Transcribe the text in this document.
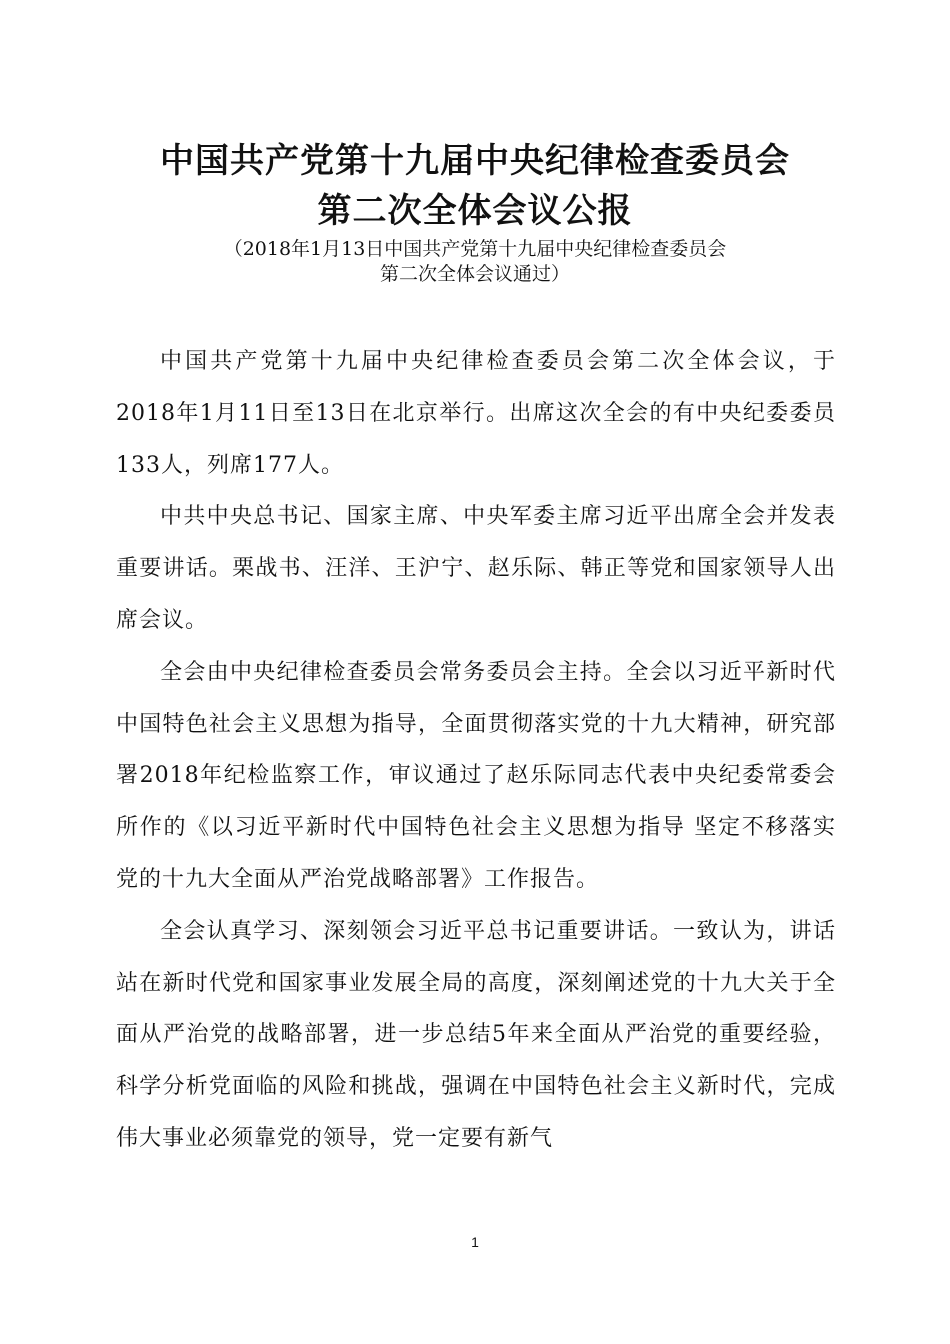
中国共产党第十九届中央纪律检查委员会
第二次全体会议公报
（2018年1月13日中国共产党第十九届中央纪律检查委员会
第二次全体会议通过）

中国共产党第十九届中央纪律检查委员会第二次全体会议，于2018年1月11日至13日在北京举行。出席这次全会的有中央纪委委员133人，列席177人。

中共中央总书记、国家主席、中央军委主席习近平出席全会并发表重要讲话。栗战书、汪洋、王沪宁、赵乐际、韩正等党和国家领导人出席会议。

全会由中央纪律检查委员会常务委员会主持。全会以习近平新时代中国特色社会主义思想为指导，全面贯彻落实党的十九大精神，研究部署2018年纪检监察工作，审议通过了赵乐际同志代表中央纪委常委会所作的《以习近平新时代中国特色社会主义思想为指导 坚定不移落实党的十九大全面从严治党战略部署》工作报告。

全会认真学习、深刻领会习近平总书记重要讲话。一致认为，讲话站在新时代党和国家事业发展全局的高度，深刻阐述党的十九大关于全面从严治党的战略部署，进一步总结5年来全面从严治党的重要经验，科学分析党面临的风险和挑战，强调在中国特色社会主义新时代，完成伟大事业必须靠党的领导，党一定要有新气

1
